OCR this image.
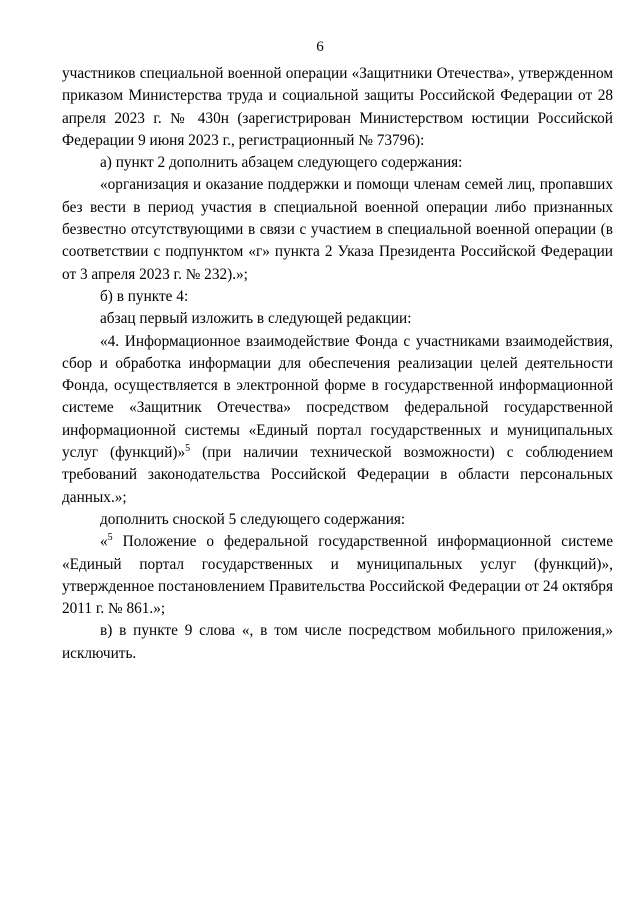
6

участников специальной военной операции «Защитники Отечества», утвержденном приказом Министерства труда и социальной защиты Российской Федерации от 28 апреля 2023 г. № 430н (зарегистрирован Министерством юстиции Российской Федерации 9 июня 2023 г., регистрационный № 73796):

а) пункт 2 дополнить абзацем следующего содержания:

«организация и оказание поддержки и помощи членам семей лиц, пропавших без вести в период участия в специальной военной операции либо признанных безвестно отсутствующими в связи с участием в специальной военной операции (в соответствии с подпунктом «г» пункта 2 Указа Президента Российской Федерации от 3 апреля 2023 г. № 232).»;

б) в пункте 4:

абзац первый изложить в следующей редакции:

«4. Информационное взаимодействие Фонда с участниками взаимодействия, сбор и обработка информации для обеспечения реализации целей деятельности Фонда, осуществляется в электронной форме в государственной информационной системе «Защитник Отечества» посредством федеральной государственной информационной системы «Единый портал государственных и муниципальных услуг (функций)»$^5$ (при наличии технической возможности) с соблюдением требований законодательства Российской Федерации в области персональных данных.»;

дополнить сноской 5 следующего содержания:

«$^5$ Положение о федеральной государственной информационной системе «Единый портал государственных и муниципальных услуг (функций)», утвержденное постановлением Правительства Российской Федерации от 24 октября 2011 г. № 861.»;

в) в пункте 9 слова «, в том числе посредством мобильного приложения,» исключить.
